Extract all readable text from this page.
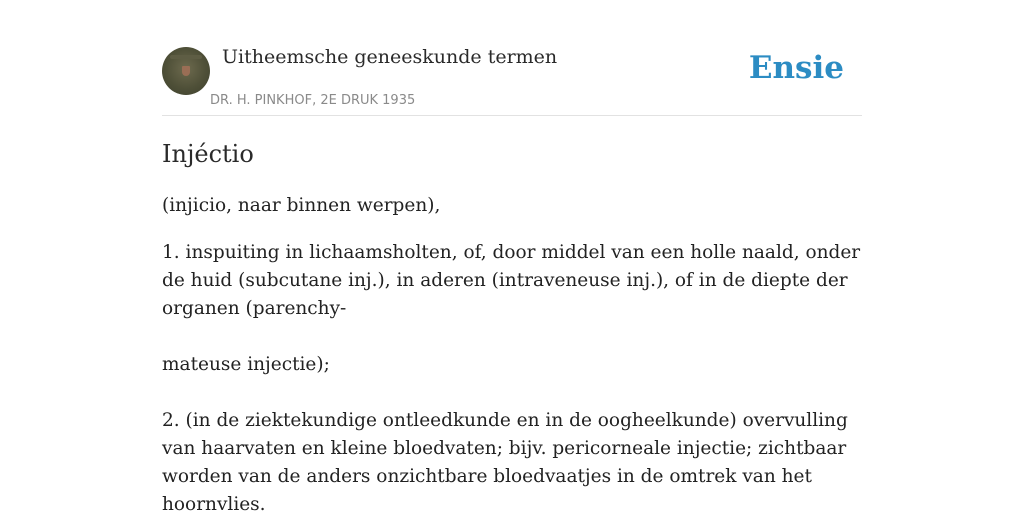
Uitheemsche geneeskunde termen
DR. H. PINKHOF, 2E DRUK 1935
Ensie
Injéctio

(injicio, naar binnen werpen),

1. inspuiting in lichaamsholten, of, door middel van een holle naald, onder de huid (subcutane inj.), in aderen (intraveneuse inj.), of in de diepte der organen (parenchy-

mateuse injectie);

2. (in de ziektekundige ontleedkunde en in de oogheelkunde) overvulling van haarvaten en kleine bloedvaten; bijv. pericorneale injectie; zichtbaar worden van de anders onzichtbare bloedvaatjes in de omtrek van het hoornvlies.
